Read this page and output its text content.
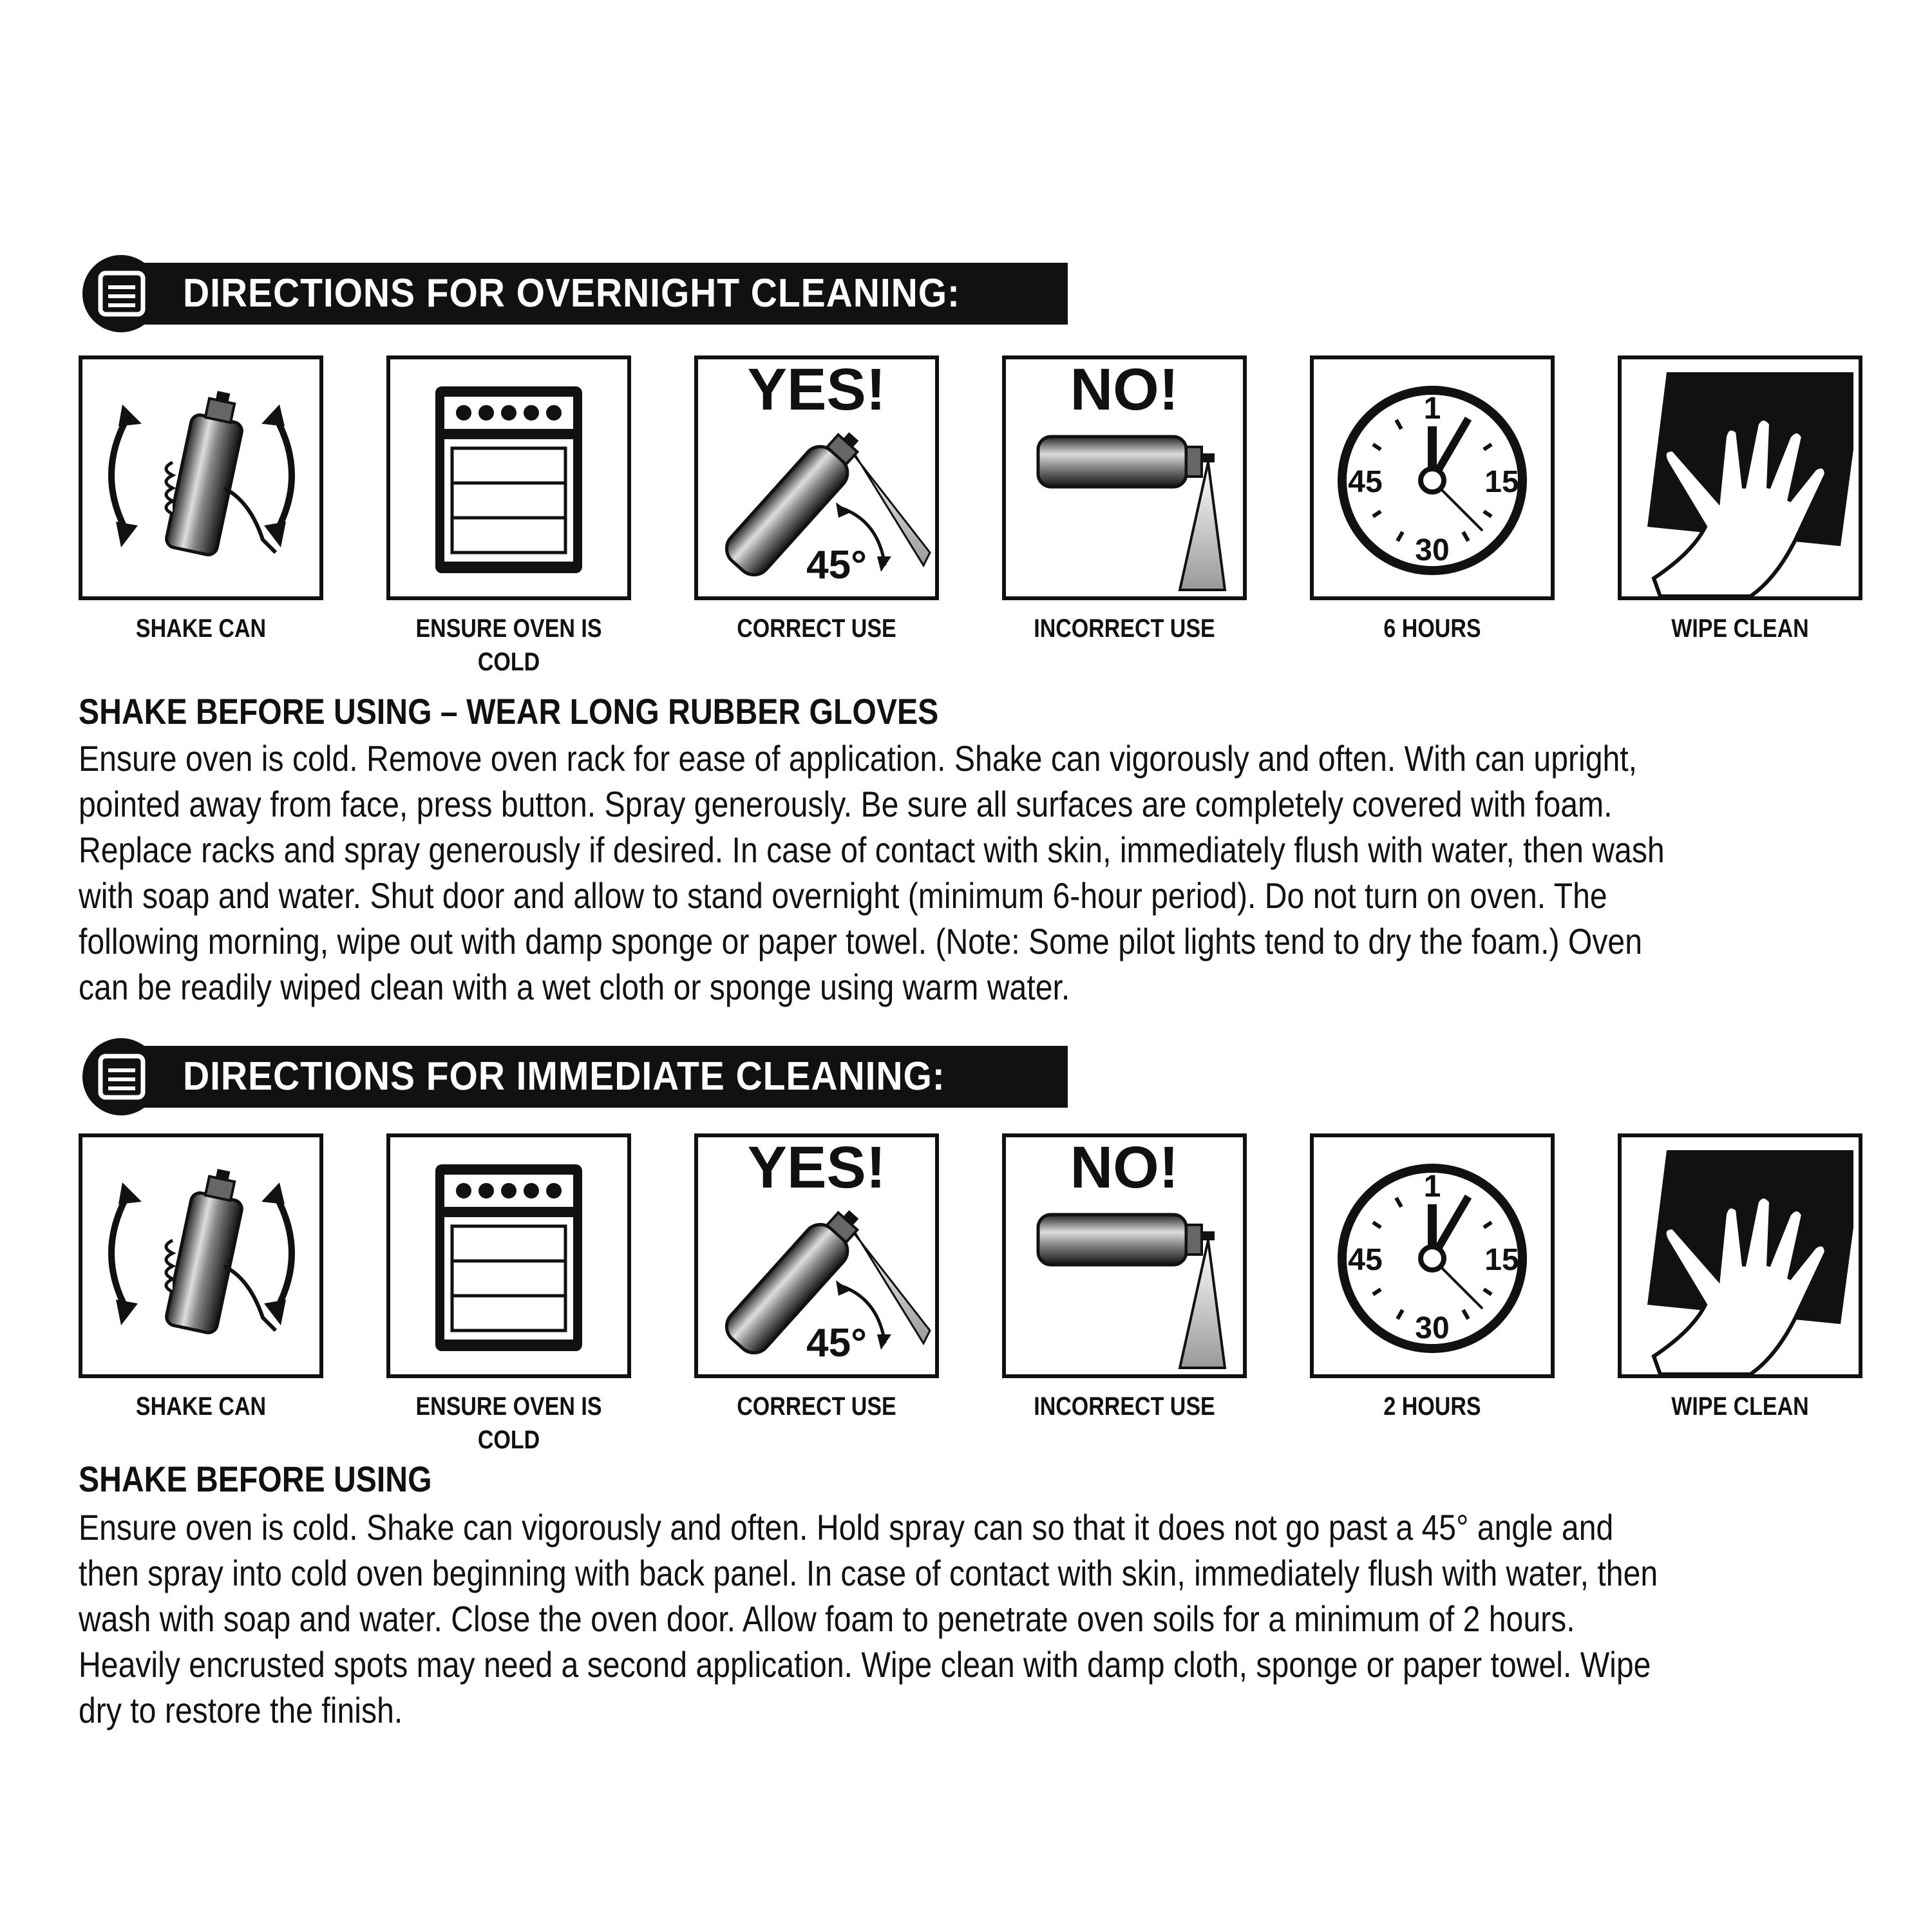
DIRECTIONS FOR OVERNIGHT CLEANING:
SHAKE CAN	ENSURE OVEN IS COLD
YES!
45°
CORRECT USE
NO!
INCORRECT USE
1
15
30
45
6 HOURS	WIPE CLEAN
SHAKE BEFORE USING – WEAR LONG RUBBER GLOVES
Ensure oven is cold. Remove oven rack for ease of application. Shake can vigorously and often. With can upright, pointed away from face, press button. Spray generously. Be sure all surfaces are completely covered with foam. Replace racks and spray generously if desired. In case of contact with skin, immediately flush with water, then wash with soap and water. Shut door and allow to stand overnight (minimum 6-hour period). Do not turn on oven. The following morning, wipe out with damp sponge or paper towel. (Note: Some pilot lights tend to dry the foam.) Oven can be readily wiped clean with a wet cloth or sponge using warm water.
DIRECTIONS FOR IMMEDIATE CLEANING:
SHAKE CAN	ENSURE OVEN IS COLD
YES!
45°
CORRECT USE
NO!
INCORRECT USE
1
15
30
45
2 HOURS	WIPE CLEAN
SHAKE BEFORE USING
Ensure oven is cold. Shake can vigorously and often. Hold spray can so that it does not go past a 45° angle and then spray into cold oven beginning with back panel. In case of contact with skin, immediately flush with water, then wash with soap and water. Close the oven door. Allow foam to penetrate oven soils for a minimum of 2 hours. Heavily encrusted spots may need a second application. Wipe clean with damp cloth, sponge or paper towel. Wipe dry to restore the finish.
